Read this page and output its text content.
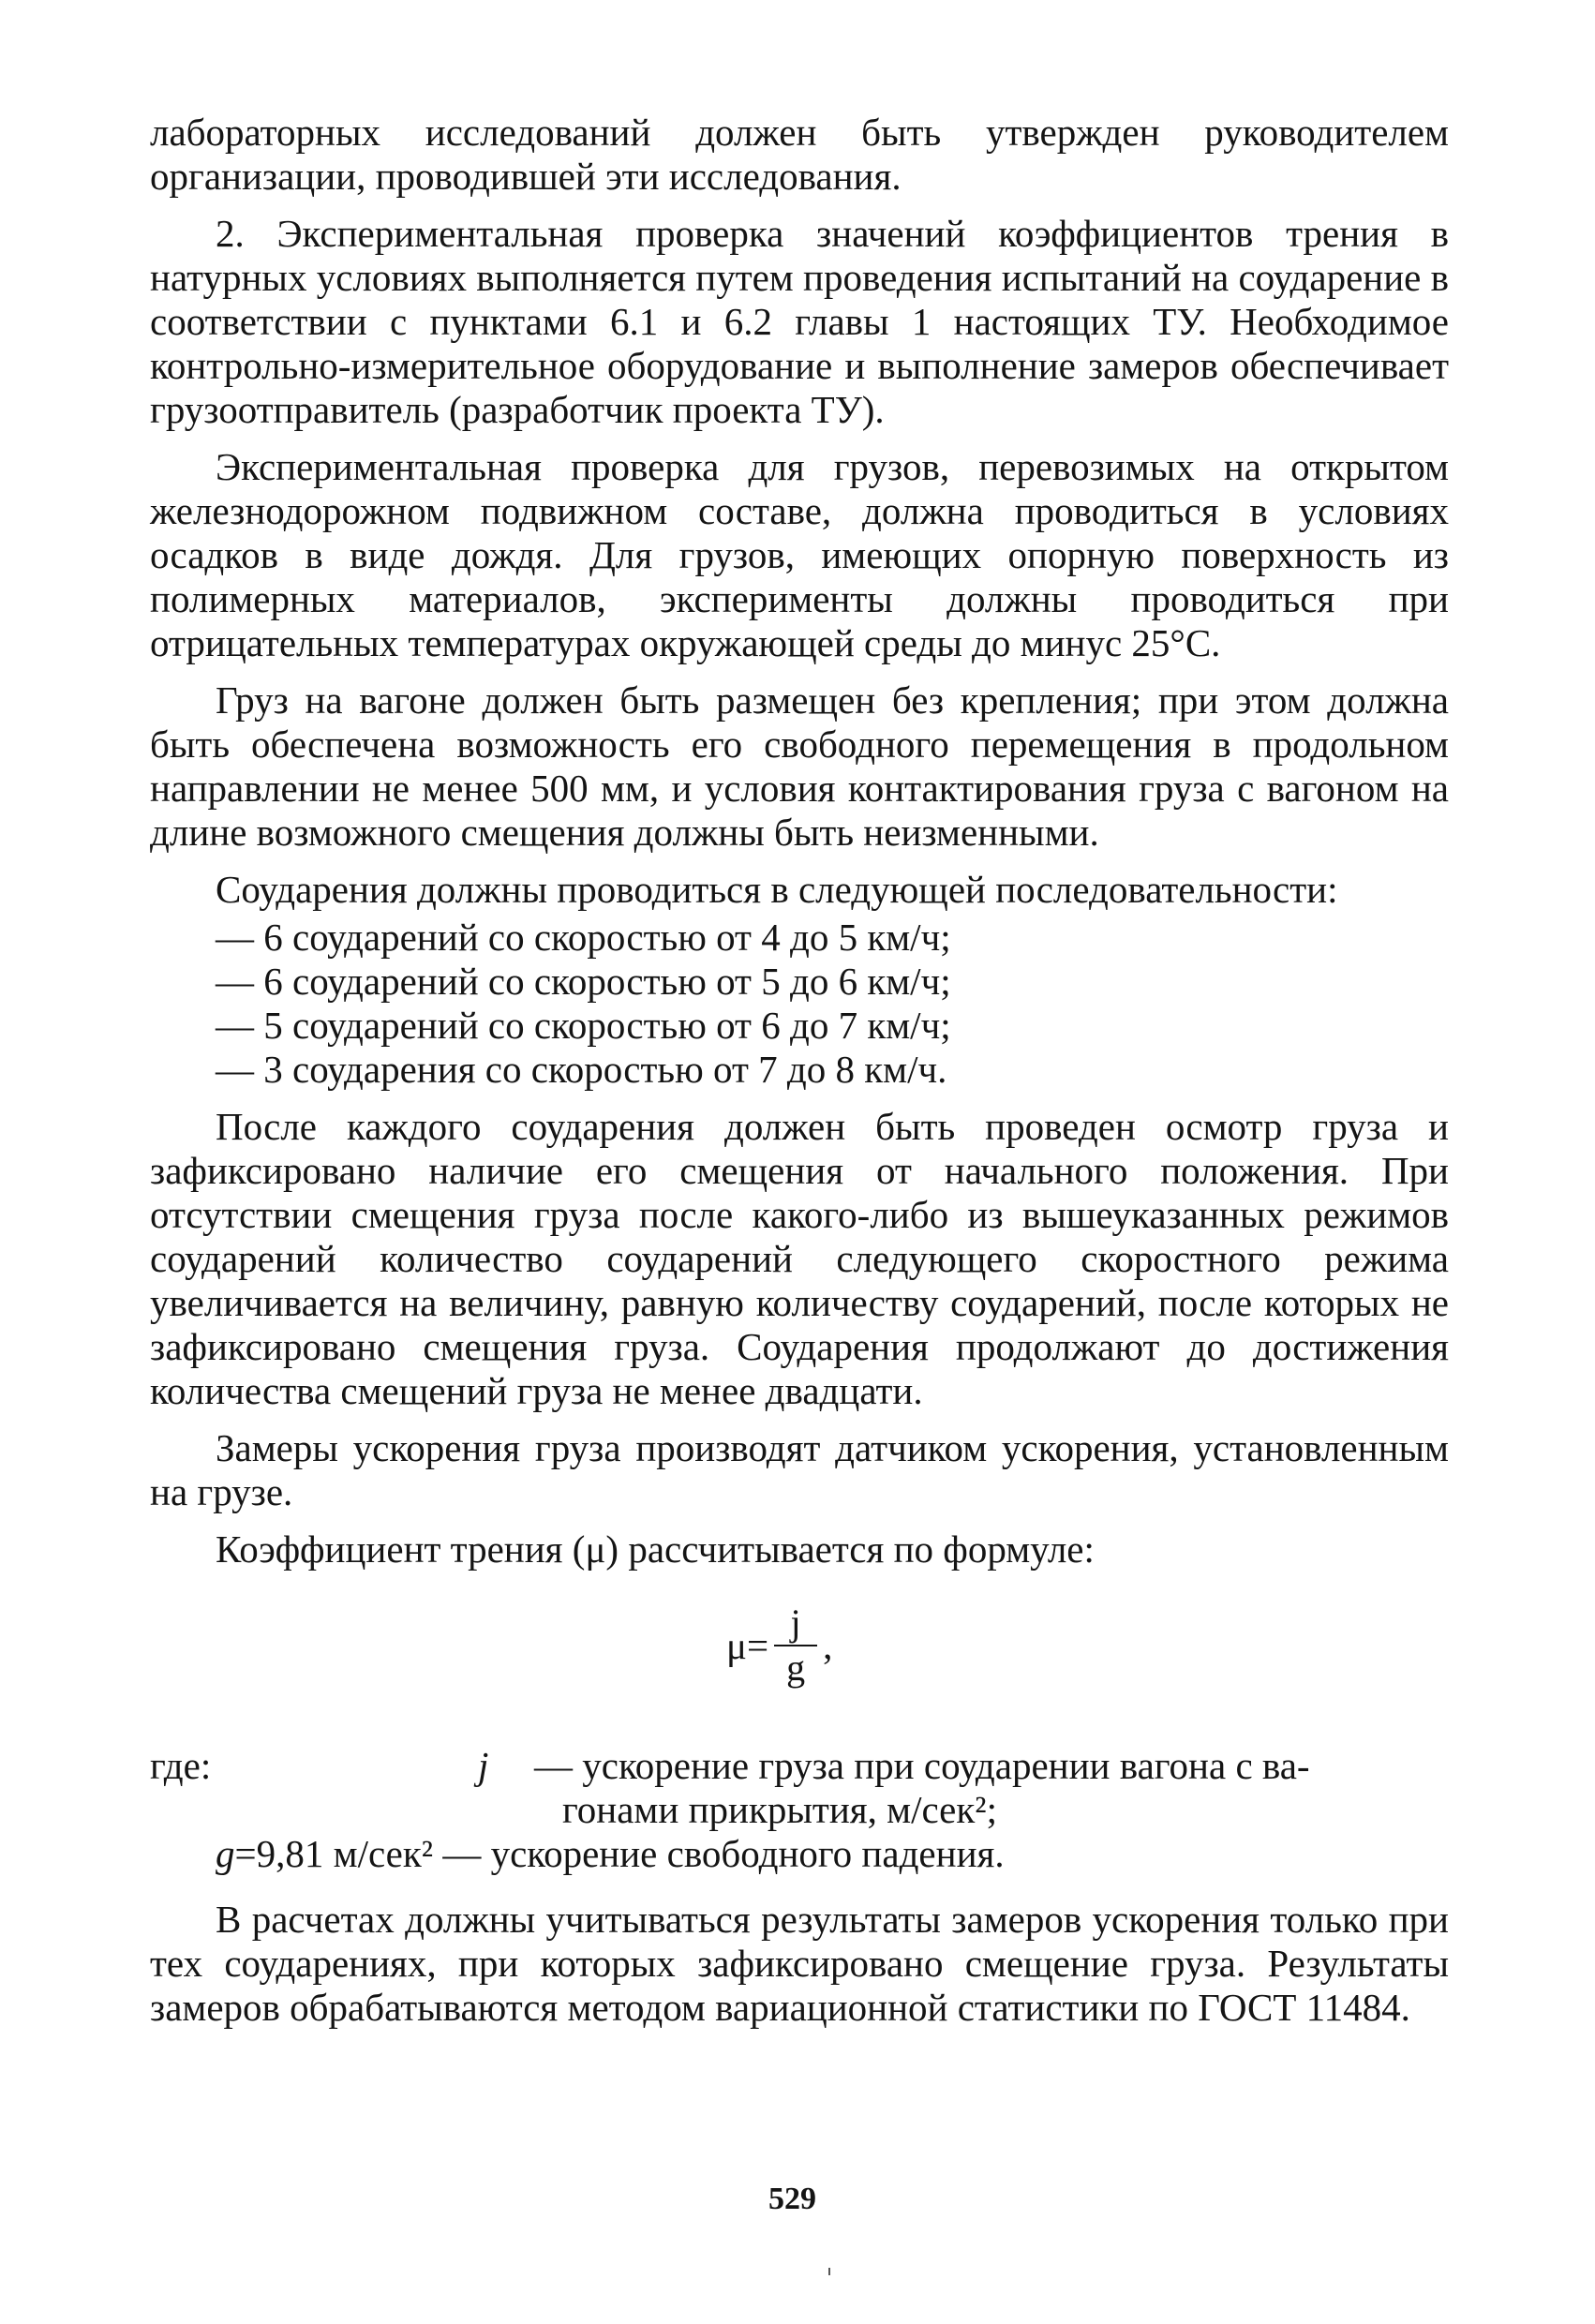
лабораторных исследований должен быть утвержден руководителем организации, проводившей эти исследования.

2. Экспериментальная проверка значений коэффициентов трения в натурных условиях выполняется путем проведения испытаний на соударение в соответствии с пунктами 6.1 и 6.2 главы 1 настоящих ТУ. Необходимое контрольно-измерительное оборудование и выполнение замеров обеспечивает грузоотправитель (разработчик проекта ТУ).

Экспериментальная проверка для грузов, перевозимых на открытом железнодорожном подвижном составе, должна проводиться в условиях осадков в виде дождя. Для грузов, имеющих опорную поверхность из полимерных материалов, эксперименты должны проводиться при отрицательных температурах окружающей среды до минус 25°С.

Груз на вагоне должен быть размещен без крепления; при этом должна быть обеспечена возможность его свободного перемещения в продольном направлении не менее 500 мм, и условия контактирования груза с вагоном на длине возможного смещения должны быть неизменными.

Соударения должны проводиться в следующей последовательности:

— 6 соударений со скоростью от 4 до 5 км/ч;
— 6 соударений со скоростью от 5 до 6 км/ч;
— 5 соударений со скоростью от 6 до 7 км/ч;
— 3 соударения со скоростью от 7 до 8 км/ч.

После каждого соударения должен быть проведен осмотр груза и зафиксировано наличие его смещения от начального положения. При отсутствии смещения груза после какого-либо из вышеуказанных режимов соударений количество соударений следующего скоростного режима увеличивается на величину, равную количеству соударений, после которых не зафиксировано смещения груза. Соударения продолжают до достижения количества смещений груза не менее двадцати.

Замеры ускорения груза производят датчиком ускорения, установленным на грузе.

Коэффициент трения (μ) рассчитывается по формуле:

$\mu= \frac{j}{g}$ ,
где:	j — ускорение груза при соударении вагона с ва-
гонами прикрытия, м/сек²;
g=9,81 м/сек² — ускорение свободного падения.

В расчетах должны учитываться результаты замеров ускорения только при тех соударениях, при которых зафиксировано смещение груза. Результаты замеров обрабатываются методом вариационной статистики по ГОСТ 11484.

529
